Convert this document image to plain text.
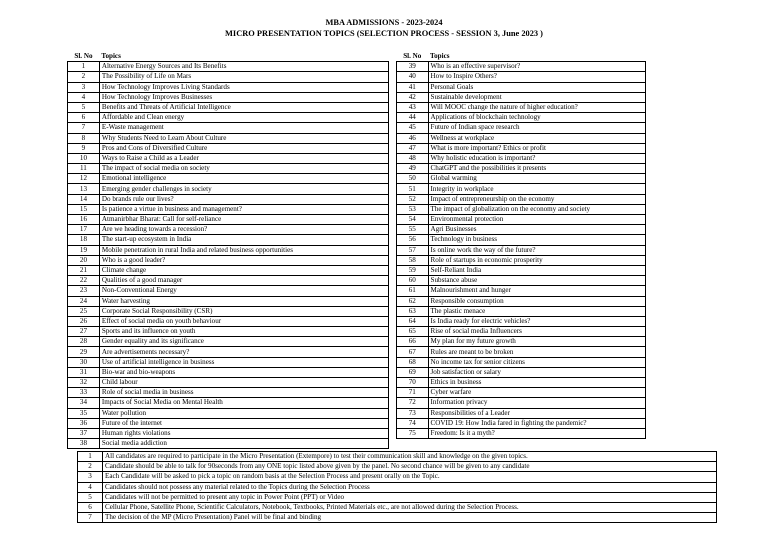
MBA ADMISSIONS - 2023-2024
MICRO PRESENTATION TOPICS (SELECTION PROCESS - SESSION 3, June 2023 )
Sl. No	Topics
1	Alternative Energy Sources and Its Benefits
2	The Possibility of Life on Mars
3	How Technology Improves Living Standards
4	How Technology Improves Businesses
5	Benefits and Threats of Artificial Intelligence
6	Affordable and Clean energy
7	E-Waste management
8	Why Students Need to Learn About Culture
9	Pros and Cons of Diversified Culture
10	Ways to Raise a Child as a Leader
11	The impact of social media on society
12	Emotional intelligence
13	Emerging gender challenges in society
14	Do brands rule our lives?
15	Is patience a virtue in business and management?
16	Atmanirbhar Bharat: Call for self-reliance
17	Are we heading towards a recession?
18	The start-up ecosystem in India
19	Mobile penetration in rural India and related business opportunities
20	Who is a good leader?
21	Climate change
22	Qualities of a good manager
23	Non-Conventional Energy
24	Water harvesting
25	Corporate Social Responsibility (CSR)
26	Effect of social media on youth behaviour
27	Sports and its influence on youth
28	Gender equality and its significance
29	Are advertisements necessary?
30	Use of artificial intelligence in business
31	Bio-war and bio-weapons
32	Child labour
33	Role of social media in business
34	Impacts of Social Media on Mental Health
35	Water pollution
36	Future of the internet
37	Human rights violations
38	Social media addiction
Sl. No	Topics
39	Who is an effective supervisor?
40	How to Inspire Others?
41	Personal Goals
42	Sustainable development
43	Will MOOC change the nature of higher education?
44	Applications of blockchain technology
45	Future of Indian space research
46	Wellness at workplace
47	What is more important? Ethics or profit
48	Why holistic education is important?
49	ChatGPT and the possibilities it presents
50	Global warming
51	Integrity in workplace
52	Impact of entrepreneurship on the economy
53	The impact of globalization on the economy and society
54	Environmental protection
55	Agri Businesses
56	Technology in business
57	Is online work the way of the future?
58	Role of startups in economic prosperity
59	Self-Reliant India
60	Substance abuse
61	Malnourishment and hunger
62	Responsible consumption
63	The plastic menace
64	Is India ready for electric vehicles?
65	Rise of social media Influencers
66	My plan for my future growth
67	Rules are meant to be broken
68	No income tax for senior citizens
69	Job satisfaction or salary
70	Ethics in business
71	Cyber warfare
72	Information privacy
73	Responsibilities of a Leader
74	COVID 19: How India fared in fighting the pandemic?
75	Freedom: Is it a myth?
1	All candidates are required to participate in the Micro Presentation (Extempore) to test their communication skill and knowledge on the given topics.
2	Candidate should be able to talk for 90seconds from any ONE topic listed above given by the panel. No second chance will be given to any candidate
3	Each Candidate will be asked to pick a topic on random basis at the Selection Process and present orally on the Topic.
4	Candidates should not possess any material related to the Topics during the Selection Process
5	Candidates will not be permitted to present any topic in Power Point (PPT) or Video
6	Cellular Phone, Satellite Phone, Scientific Calculators, Notebook, Textbooks, Printed Materials etc., are not allowed during the Selection Process.
7	The decision of the MP (Micro Presentation) Panel will be final and binding
